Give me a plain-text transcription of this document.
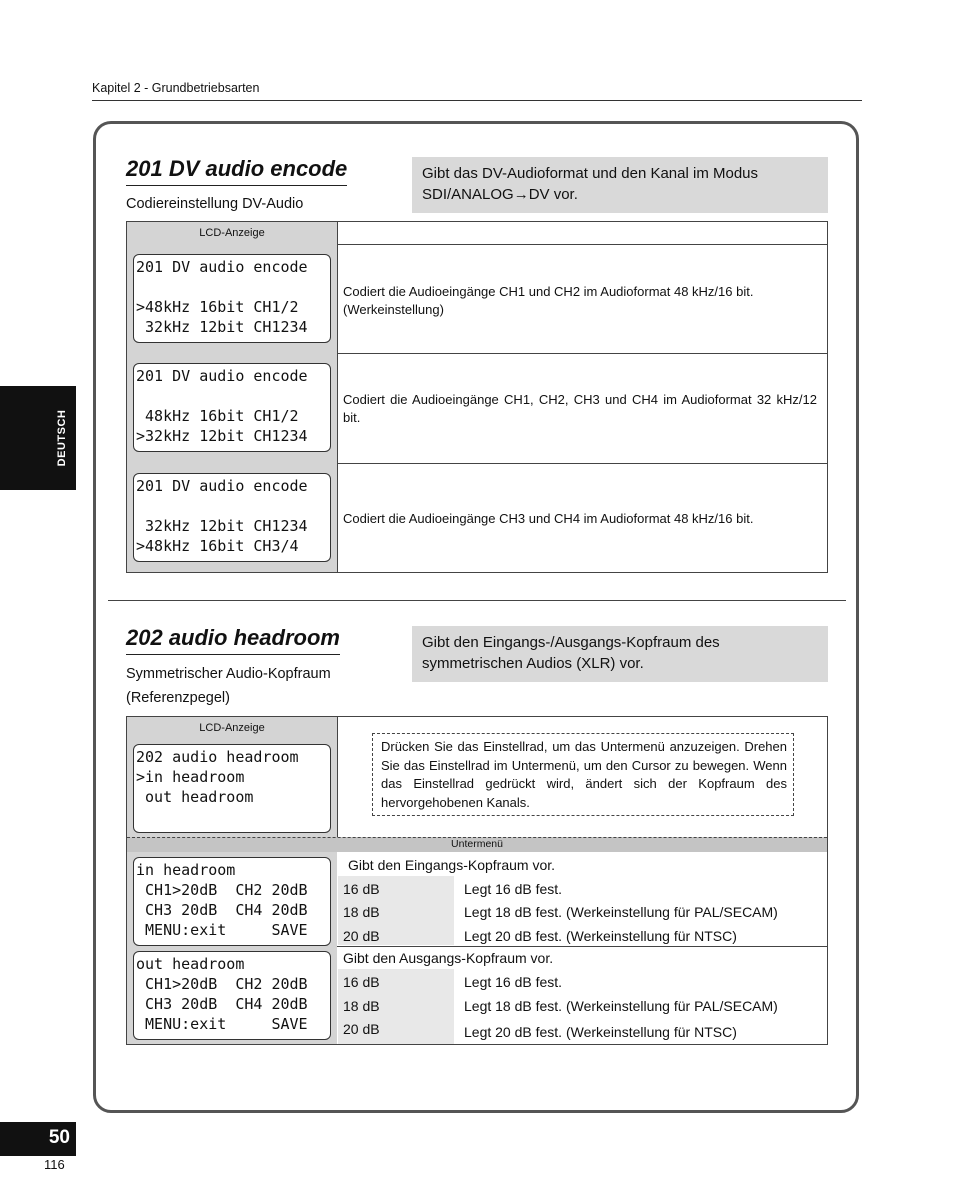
Kapitel 2 - Grundbetriebsarten
DEUTSCH
201 DV audio encode
Codiereinstellung DV-Audio
Gibt das DV-Audioformat und den Kanal im Modus SDI/ANALOG→DV vor.
LCD-Anzeige
201 DV audio encode

>48kHz 16bit CH1/2
32kHz 12bit CH1234
Codiert die Audioeingänge CH1 und CH2 im Audioformat 48 kHz/16 bit. (Werkeinstellung)
201 DV audio encode

48kHz 16bit CH1/2
>32kHz 12bit CH1234
Codiert die Audioeingänge CH1, CH2, CH3 und CH4 im Audioformat 32 kHz/12 bit.
201 DV audio encode

32kHz 12bit CH1234
>48kHz 16bit CH3/4
Codiert die Audioeingänge CH3 und CH4 im Audioformat 48 kHz/16 bit.
202 audio headroom
Symmetrischer Audio-Kopfraum
(Referenzpegel)
Gibt den Eingangs-/Ausgangs-Kopfraum des symmetrischen Audios (XLR) vor.
LCD-Anzeige
202 audio headroom
>in headroom
out headroom
Drücken Sie das Einstellrad, um das Untermenü anzuzeigen. Drehen Sie das Einstellrad im Untermenü, um den Cursor zu bewegen. Wenn das Einstellrad gedrückt wird, ändert sich der Kopfraum des hervorgehobenen Kanals.
Untermenü
in headroom
CH1>20dB  CH2 20dB
CH3 20dB  CH4 20dB
MENU:exit     SAVE
Gibt den Eingangs-Kopfraum vor.
16 dB	Legt 16 dB fest.
18 dB	Legt 18 dB fest. (Werkeinstellung für PAL/SECAM)
20 dB	Legt 20 dB fest. (Werkeinstellung für NTSC)
out headroom
CH1>20dB  CH2 20dB
CH3 20dB  CH4 20dB
MENU:exit     SAVE
Gibt den Ausgangs-Kopfraum vor.
16 dB	Legt 16 dB fest.
18 dB	Legt 18 dB fest. (Werkeinstellung für PAL/SECAM)
20 dB	Legt 20 dB fest. (Werkeinstellung für NTSC)
50
116
